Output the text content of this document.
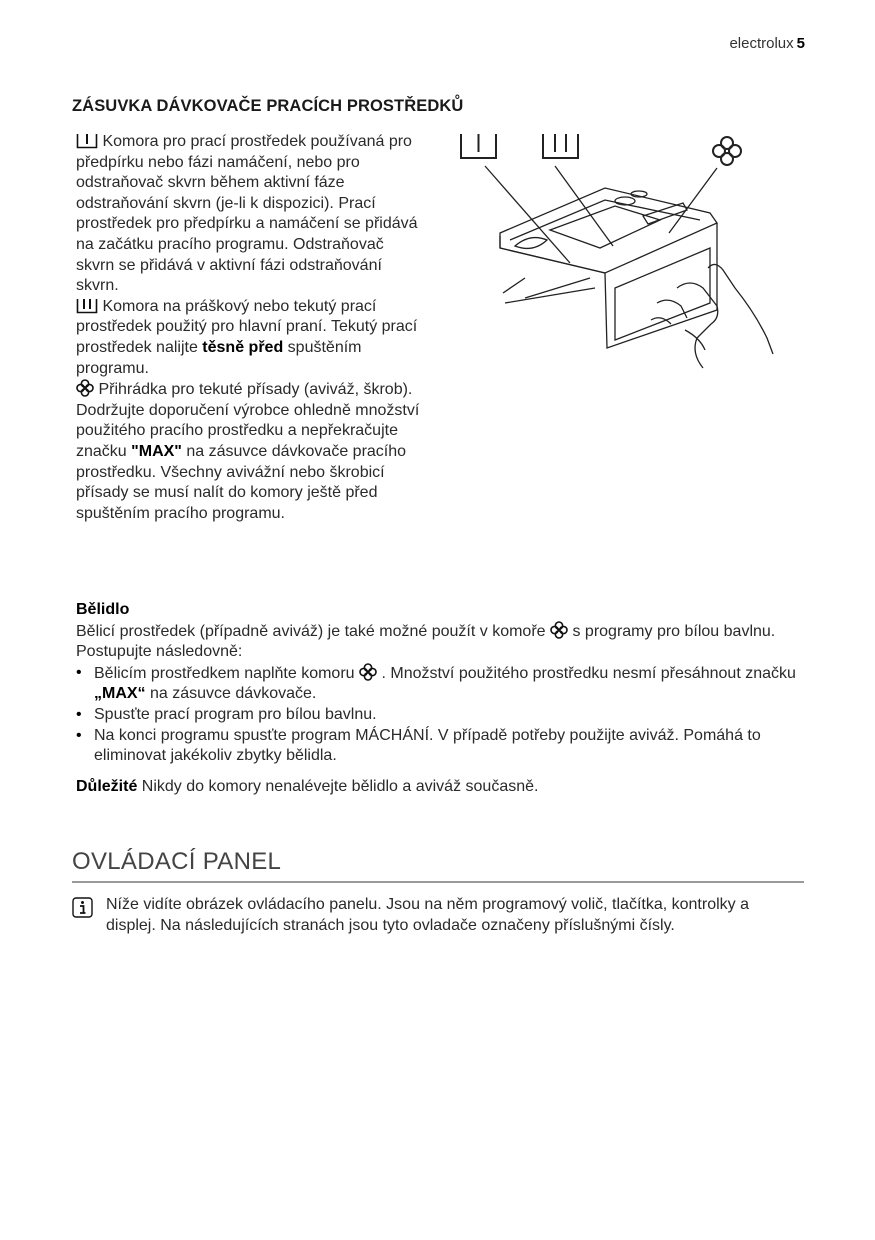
electrolux 5
ZÁSUVKA DÁVKOVAČE PRACÍCH PROSTŘEDKŮ

Komora pro prací prostředek používaná pro předpírku nebo fázi namáčení, nebo pro odstraňovač skvrn během aktivní fáze odstraňování skvrn (je-li k dispozici). Prací prostředek pro předpírku a namáčení se přidává na začátku pracího programu. Odstraňovač skvrn se přidává v aktivní fázi odstraňování skvrn.

Komora na práškový nebo tekutý prací prostředek použitý pro hlavní praní. Tekutý prací prostředek nalijte těsně před spuštěním programu.

Přihrádka pro tekuté přísady (aviváž, škrob).

Dodržujte doporučení výrobce ohledně množství použitého pracího prostředku a nepřekračujte značku "MAX" na zásuvce dávkovače pracího prostředku. Všechny avivážní nebo škrobicí přísady se musí nalít do komory ještě před spuštěním pracího programu.

Bělidlo

Bělicí prostředek (případně aviváž) je také možné použít v komoře s programy pro bílou bavlnu.

Postupujte následovně:

• Bělicím prostředkem naplňte komoru . Množství použitého prostředku nesmí přesáhnout značku „MAX“ na zásuvce dávkovače.
• Spusťte prací program pro bílou bavlnu.
• Na konci programu spusťte program MÁCHÁNÍ. V případě potřeby použijte aviváž. Pomáhá to eliminovat jakékoliv zbytky bělidla.

Důležité Nikdy do komory nenalévejte bělidlo a aviváž současně.

OVLÁDACÍ PANEL

Níže vidíte obrázek ovládacího panelu. Jsou na něm programový volič, tlačítka, kontrolky a displej. Na následujících stranách jsou tyto ovladače označeny příslušnými čísly.
